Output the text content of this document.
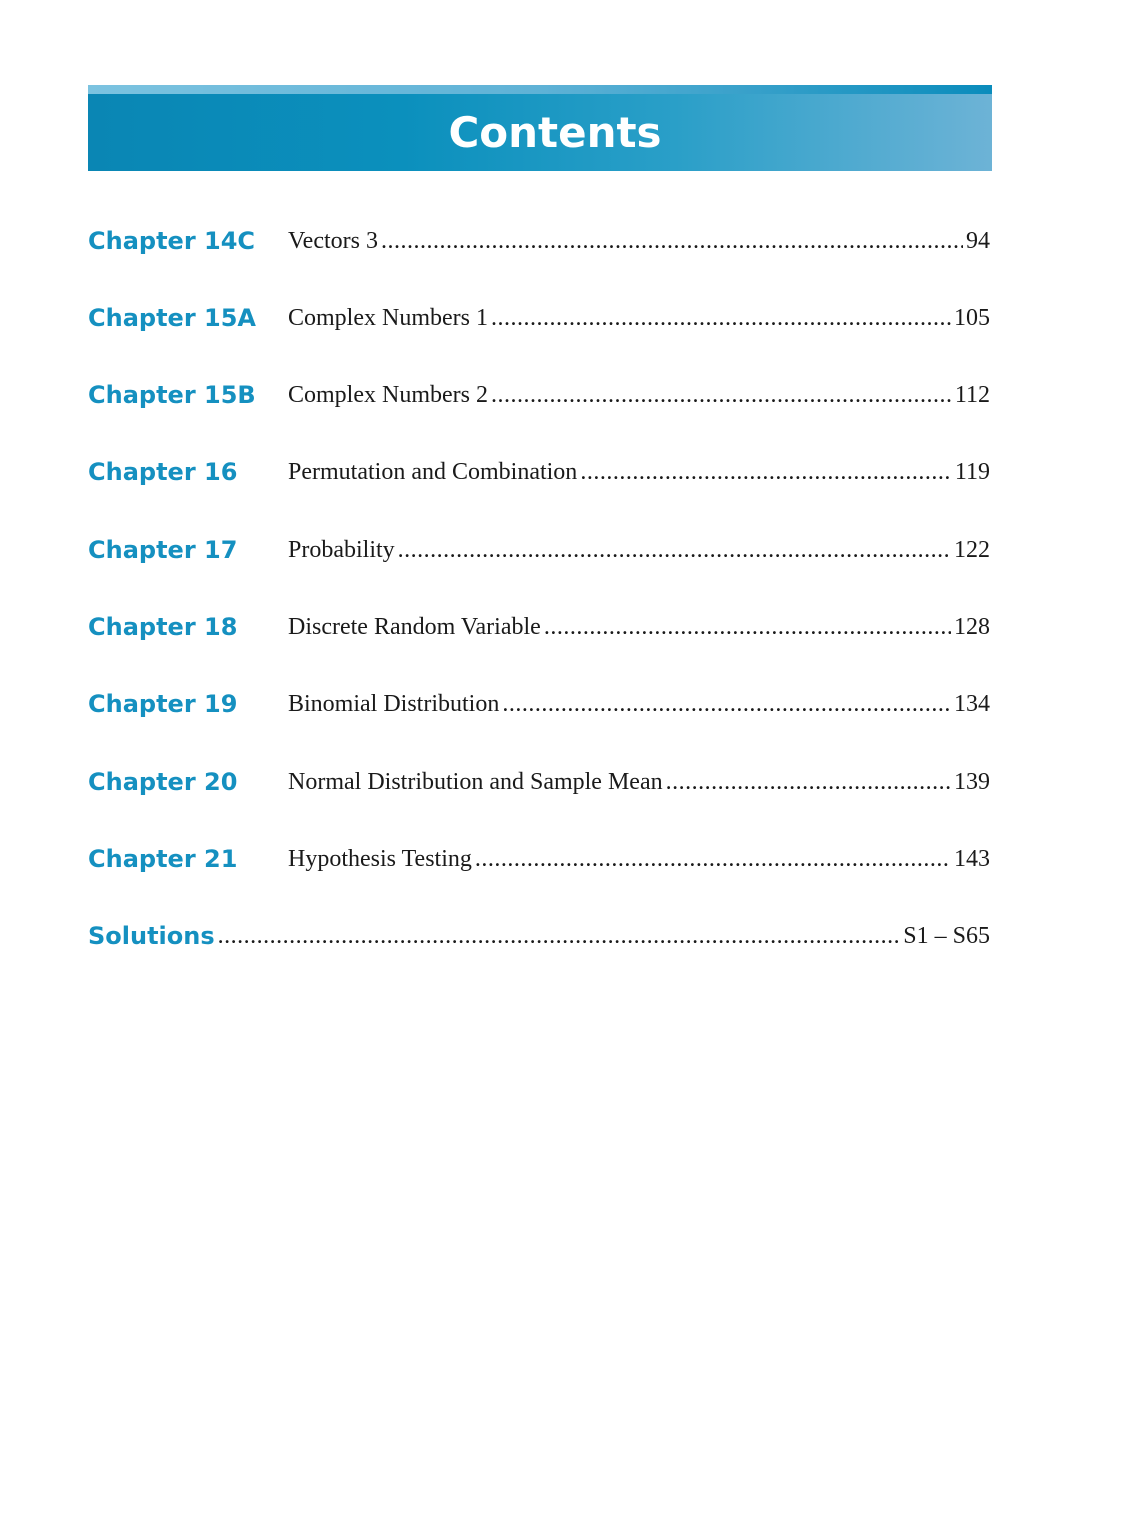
Contents
Chapter 14C	Vectors 3 .....	94
Chapter 15A	Complex Numbers 1 .....	105
Chapter 15B	Complex Numbers 2 .....	112
Chapter 16	Permutation and Combination .....	119
Chapter 17	Probability .....	122
Chapter 18	Discrete Random Variable .....	128
Chapter 19	Binomial Distribution .....	134
Chapter 20	Normal Distribution and Sample Mean .....	139
Chapter 21	Hypothesis Testing .....	143
Solutions .....	S1 – S65
